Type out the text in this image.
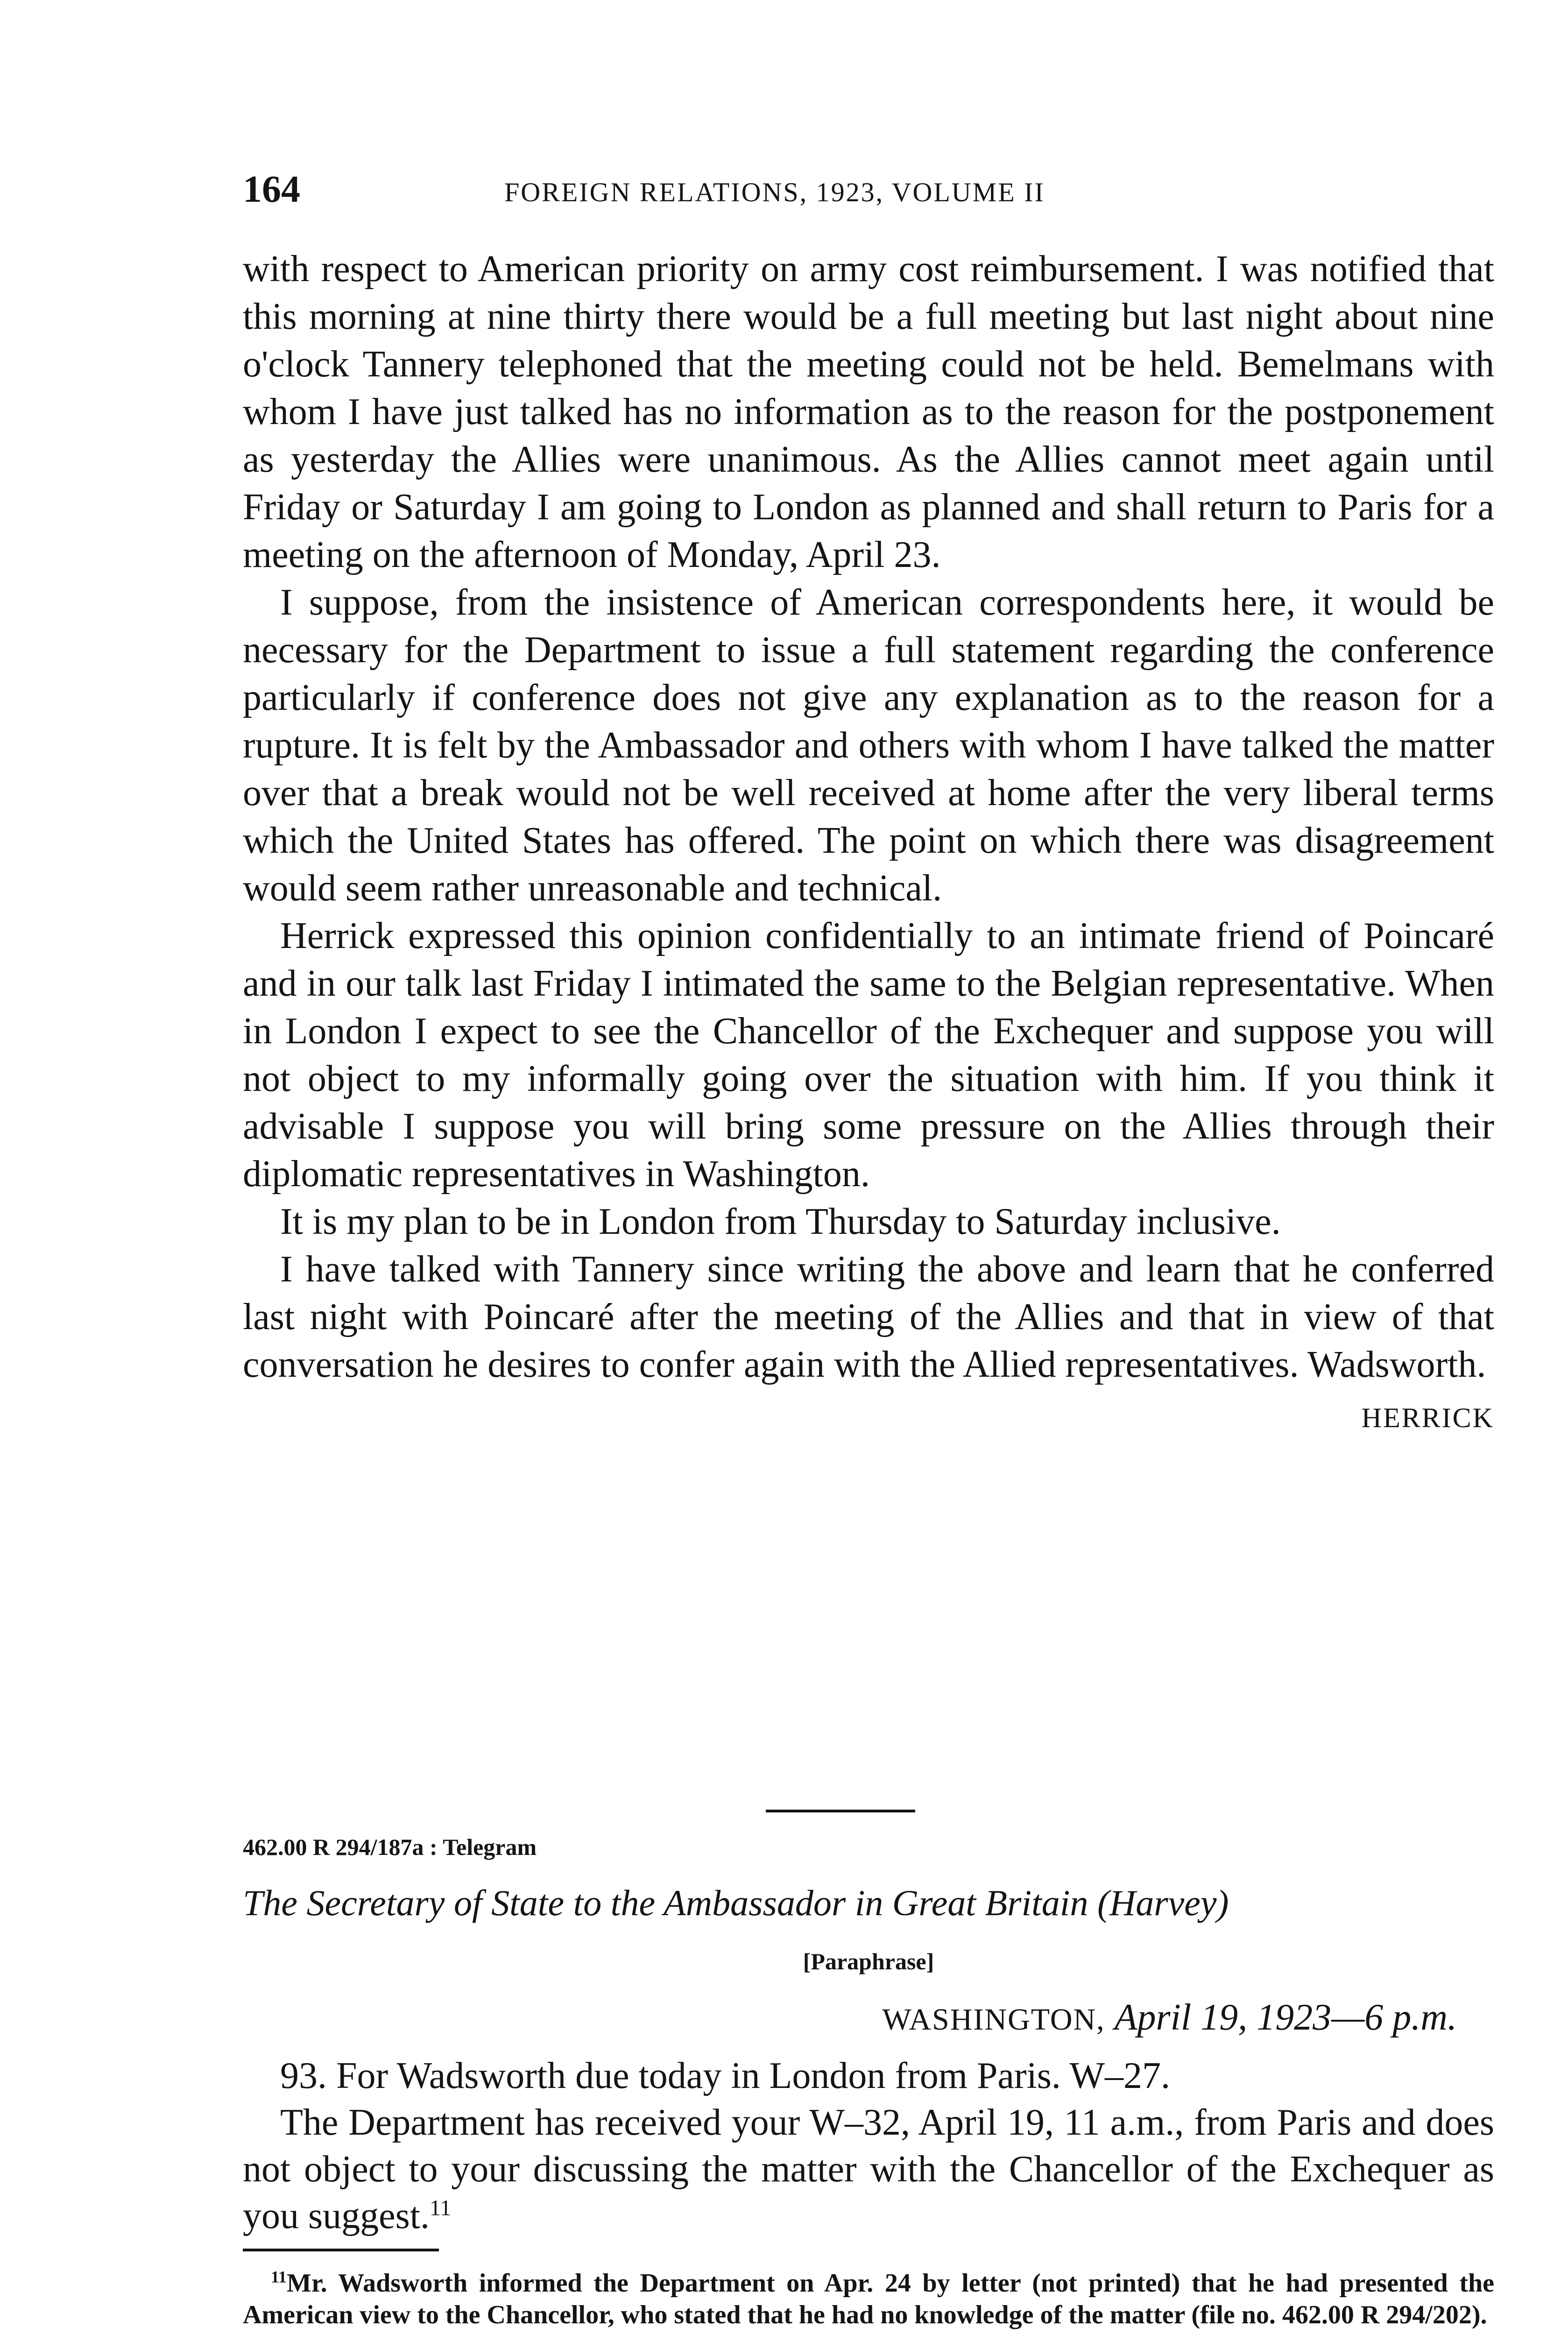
164	FOREIGN RELATIONS, 1923, VOLUME II

with respect to American priority on army cost reimbursement. I was notified that this morning at nine thirty there would be a full meeting but last night about nine o'clock Tannery telephoned that the meeting could not be held. Bemelmans with whom I have just talked has no information as to the reason for the postponement as yesterday the Allies were unanimous. As the Allies cannot meet again until Friday or Saturday I am going to London as planned and shall return to Paris for a meeting on the afternoon of Monday, April 23.

I suppose, from the insistence of American correspondents here, it would be necessary for the Department to issue a full statement regarding the conference particularly if conference does not give any explanation as to the reason for a rupture. It is felt by the Ambassador and others with whom I have talked the matter over that a break would not be well received at home after the very liberal terms which the United States has offered. The point on which there was disagreement would seem rather unreasonable and technical.

Herrick expressed this opinion confidentially to an intimate friend of Poincaré and in our talk last Friday I intimated the same to the Belgian representative. When in London I expect to see the Chancellor of the Exchequer and suppose you will not object to my informally going over the situation with him. If you think it advisable I suppose you will bring some pressure on the Allies through their diplomatic representatives in Washington.

It is my plan to be in London from Thursday to Saturday inclusive.

I have talked with Tannery since writing the above and learn that he conferred last night with Poincaré after the meeting of the Allies and that in view of that conversation he desires to confer again with the Allied representatives. Wadsworth.

HERRICK

462.00 R 294/187a : Telegram
The Secretary of State to the Ambassador in Great Britain (Harvey)
[Paraphrase]
WASHINGTON, April 19, 1923—6 p.m.

93. For Wadsworth due today in London from Paris. W–27.

The Department has received your W–32, April 19, 11 a.m., from Paris and does not object to your discussing the matter with the Chancellor of the Exchequer as you suggest.$^{11}$

$^{11}$Mr. Wadsworth informed the Department on Apr. 24 by letter (not printed) that he had presented the American view to the Chancellor, who stated that he had no knowledge of the matter (file no. 462.00 R 294/202).
